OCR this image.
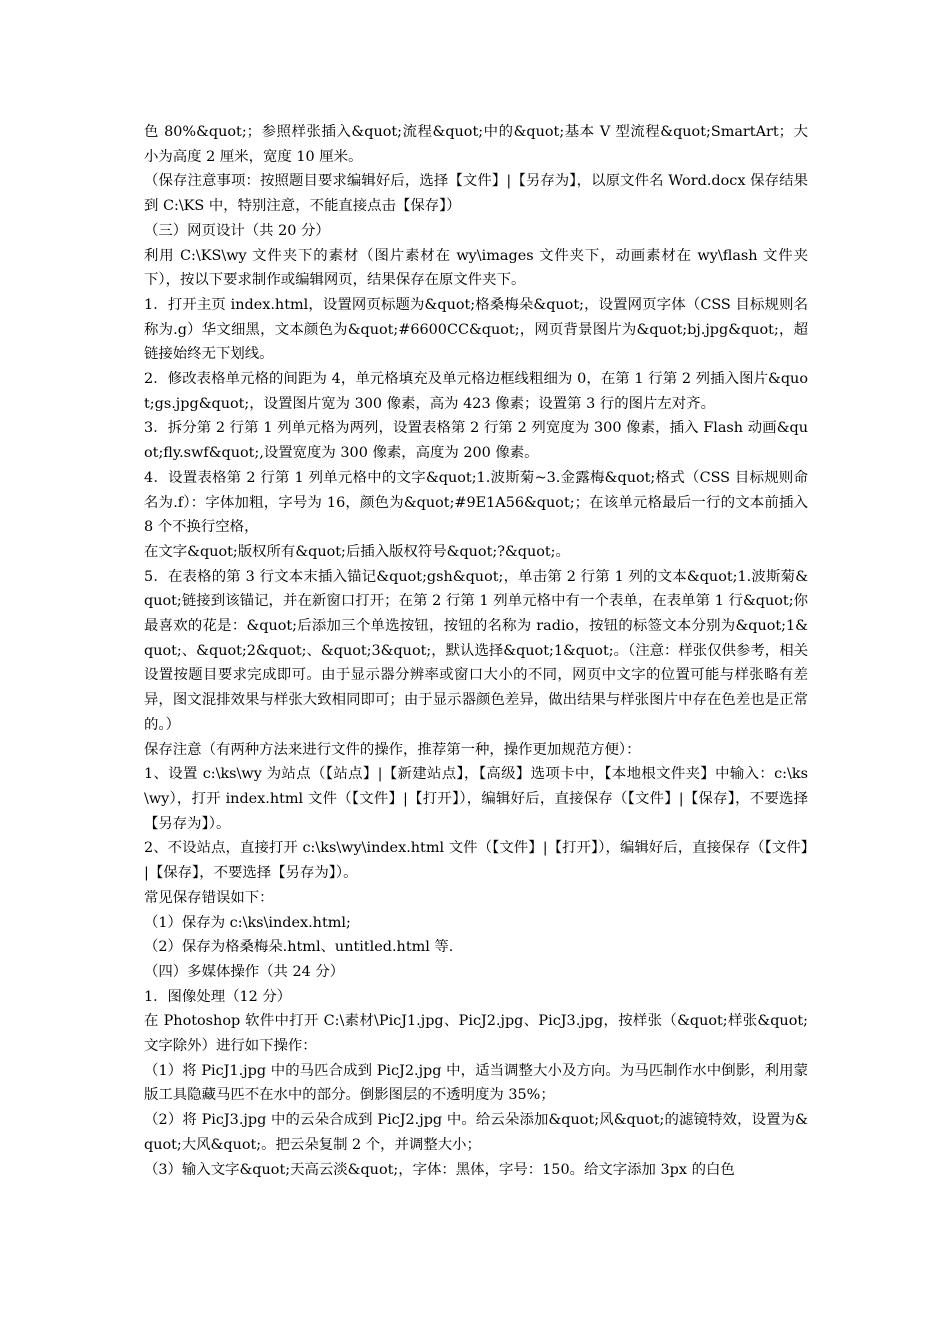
色 80%&quot;；参照样张插入&quot;流程&quot;中的&quot;基本 V 型流程&quot;SmartArt；大小为高度 2 厘米，宽度 10 厘米。

（保存注意事项：按照题目要求编辑好后，选择【文件】|【另存为】，以原文件名 Word.docx 保存结果到 C:\KS 中，特别注意，不能直接点击【保存】）

（三）网页设计（共 20 分）

利用 C:\KS\wy 文件夹下的素材（图片素材在 wy\images 文件夹下，动画素材在 wy\flash 文件夹下），按以下要求制作或编辑网页，结果保存在原文件夹下。

1．打开主页 index.html，设置网页标题为&quot;格桑梅朵&quot;，设置网页字体（CSS 目标规则名称为.g）华文细黑，文本颜色为&quot;#6600CC&quot;，网页背景图片为&quot;bj.jpg&quot;，超链接始终无下划线。

2．修改表格单元格的间距为 4，单元格填充及单元格边框线粗细为 0，在第 1 行第 2 列插入图片&quot;gs.jpg&quot;，设置图片宽为 300 像素，高为 423 像素；设置第 3 行的图片左对齐。

3．拆分第 2 行第 1 列单元格为两列，设置表格第 2 行第 2 列宽度为 300 像素，插入 Flash 动画&quot;fly.swf&quot;,设置宽度为 300 像素，高度为 200 像素。

4．设置表格第 2 行第 1 列单元格中的文字&quot;1.波斯菊~3.金露梅&quot;格式（CSS 目标规则命名为.f）：字体加粗，字号为 16，颜色为&quot;#9E1A56&quot;；在该单元格最后一行的文本前插入 8 个不换行空格，

在文字&quot;版权所有&quot;后插入版权符号&quot;?&quot;。

5．在表格的第 3 行文本末插入锚记&quot;gsh&quot;，单击第 2 行第 1 列的文本&quot;1.波斯菊&quot;链接到该锚记，并在新窗口打开；在第 2 行第 1 列单元格中有一个表单，在表单第 1 行&quot;你最喜欢的花是：&quot;后添加三个单选按钮，按钮的名称为 radio，按钮的标签文本分别为&quot;1&quot;、&quot;2&quot;、&quot;3&quot;，默认选择&quot;1&quot;。（注意：样张仅供参考，相关设置按题目要求完成即可。由于显示器分辨率或窗口大小的不同，网页中文字的位置可能与样张略有差异，图文混排效果与样张大致相同即可；由于显示器颜色差异，做出结果与样张图片中存在色差也是正常的。）

保存注意（有两种方法来进行文件的操作，推荐第一种，操作更加规范方便）：

1、设置 c:\ks\wy 为站点（【站点】|【新建站点】，【高级】选项卡中，【本地根文件夹】中输入：c:\ks\wy），打开 index.html 文件（【文件】|【打开】），编辑好后，直接保存（【文件】|【保存】，不要选择【另存为】）。

2、不设站点，直接打开 c:\ks\wy\index.html 文件（【文件】|【打开】），编辑好后，直接保存（【文件】|【保存】，不要选择【另存为】）。

常见保存错误如下：

（1）保存为 c:\ks\index.html;

（2）保存为格桑梅朵.html、untitled.html 等.

（四）多媒体操作（共 24 分）

1．图像处理（12 分）

在 Photoshop 软件中打开 C:\素材\PicJ1.jpg、PicJ2.jpg、PicJ3.jpg，按样张（&quot;样张&quot;文字除外）进行如下操作：

（1）将 PicJ1.jpg 中的马匹合成到 PicJ2.jpg 中，适当调整大小及方向。为马匹制作水中倒影，利用蒙版工具隐藏马匹不在水中的部分。倒影图层的不透明度为 35%；

（2）将 PicJ3.jpg 中的云朵合成到 PicJ2.jpg 中。给云朵添加&quot;风&quot;的滤镜特效，设置为&quot;大风&quot;。把云朵复制 2 个，并调整大小；

（3）输入文字&quot;天高云淡&quot;，字体：黑体，字号：150。给文字添加 3px 的白色
